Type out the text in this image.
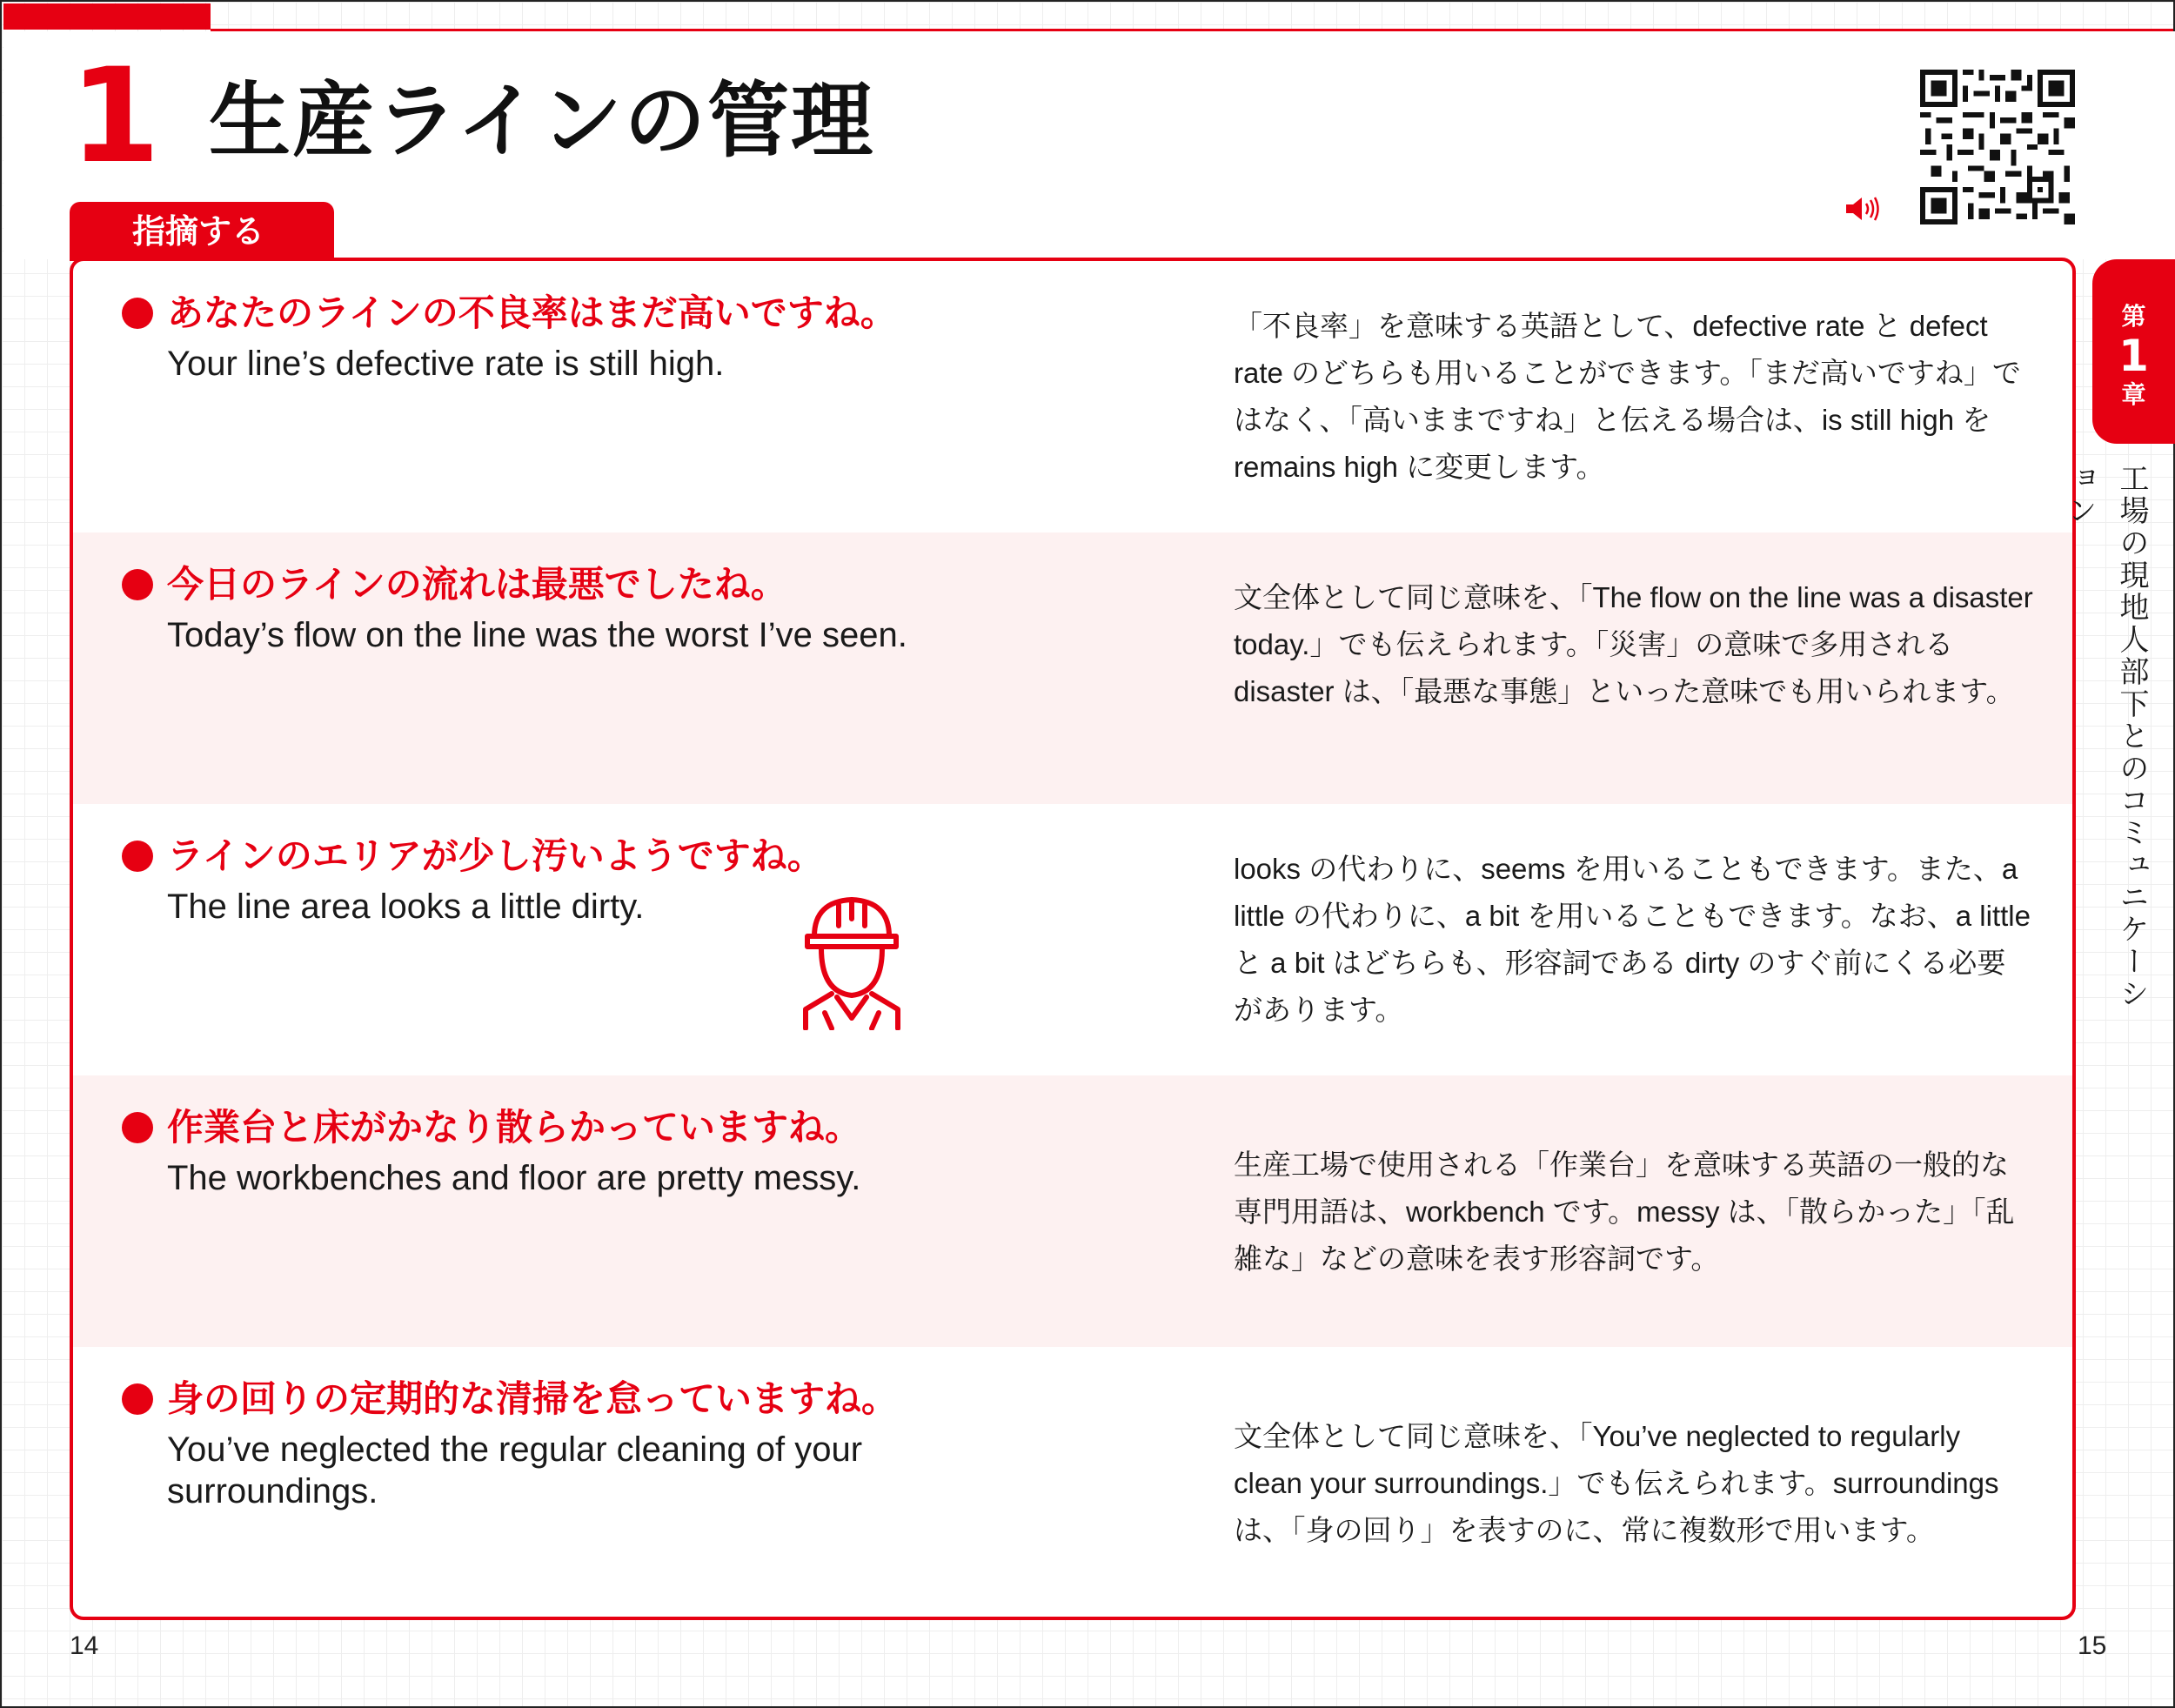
1 生産ラインの管理
指摘する
あなたのラインの不良率はまだ高いですね。
Your line’s defective rate is still high.
「不良率」を意味する英語として、defective rate と defect rate のどちらも用いることができます。「まだ高いですね」ではなく、「高いままですね」と伝える場合は、is still high を remains high に変更します。
今日のラインの流れは最悪でしたね。
Today’s flow on the line was the worst I’ve seen.
文全体として同じ意味を、「The flow on the line was a disaster today.」でも伝えられます。「災害」の意味で多用される disaster は、「最悪な事態」といった意味でも用いられます。
ラインのエリアが少し汚いようですね。
The line area looks a little dirty.
looks の代わりに、seems を用いることもできます。また、a little の代わりに、a bit を用いることもできます。なお、a little と a bit はどちらも、形容詞である dirty のすぐ前にくる必要があります。
作業台と床がかなり散らかっていますね。
The workbenches and floor are pretty messy.	生産工場で使用される「作業台」を意味する英語の一般的な専門用語は、workbench です。messy は、「散らかった」「乱雑な」などの意味を表す形容詞です。
身の回りの定期的な清掃を怠っていますね。
You’ve neglected the regular cleaning of your surroundings.
文全体として同じ意味を、「You’ve neglected to regularly clean your surroundings.」でも伝えられます。surroundings は、「身の回り」を表すのに、常に複数形で用います。
第
1
章
工場の現地人部下とのコミュニケーション
14	15
